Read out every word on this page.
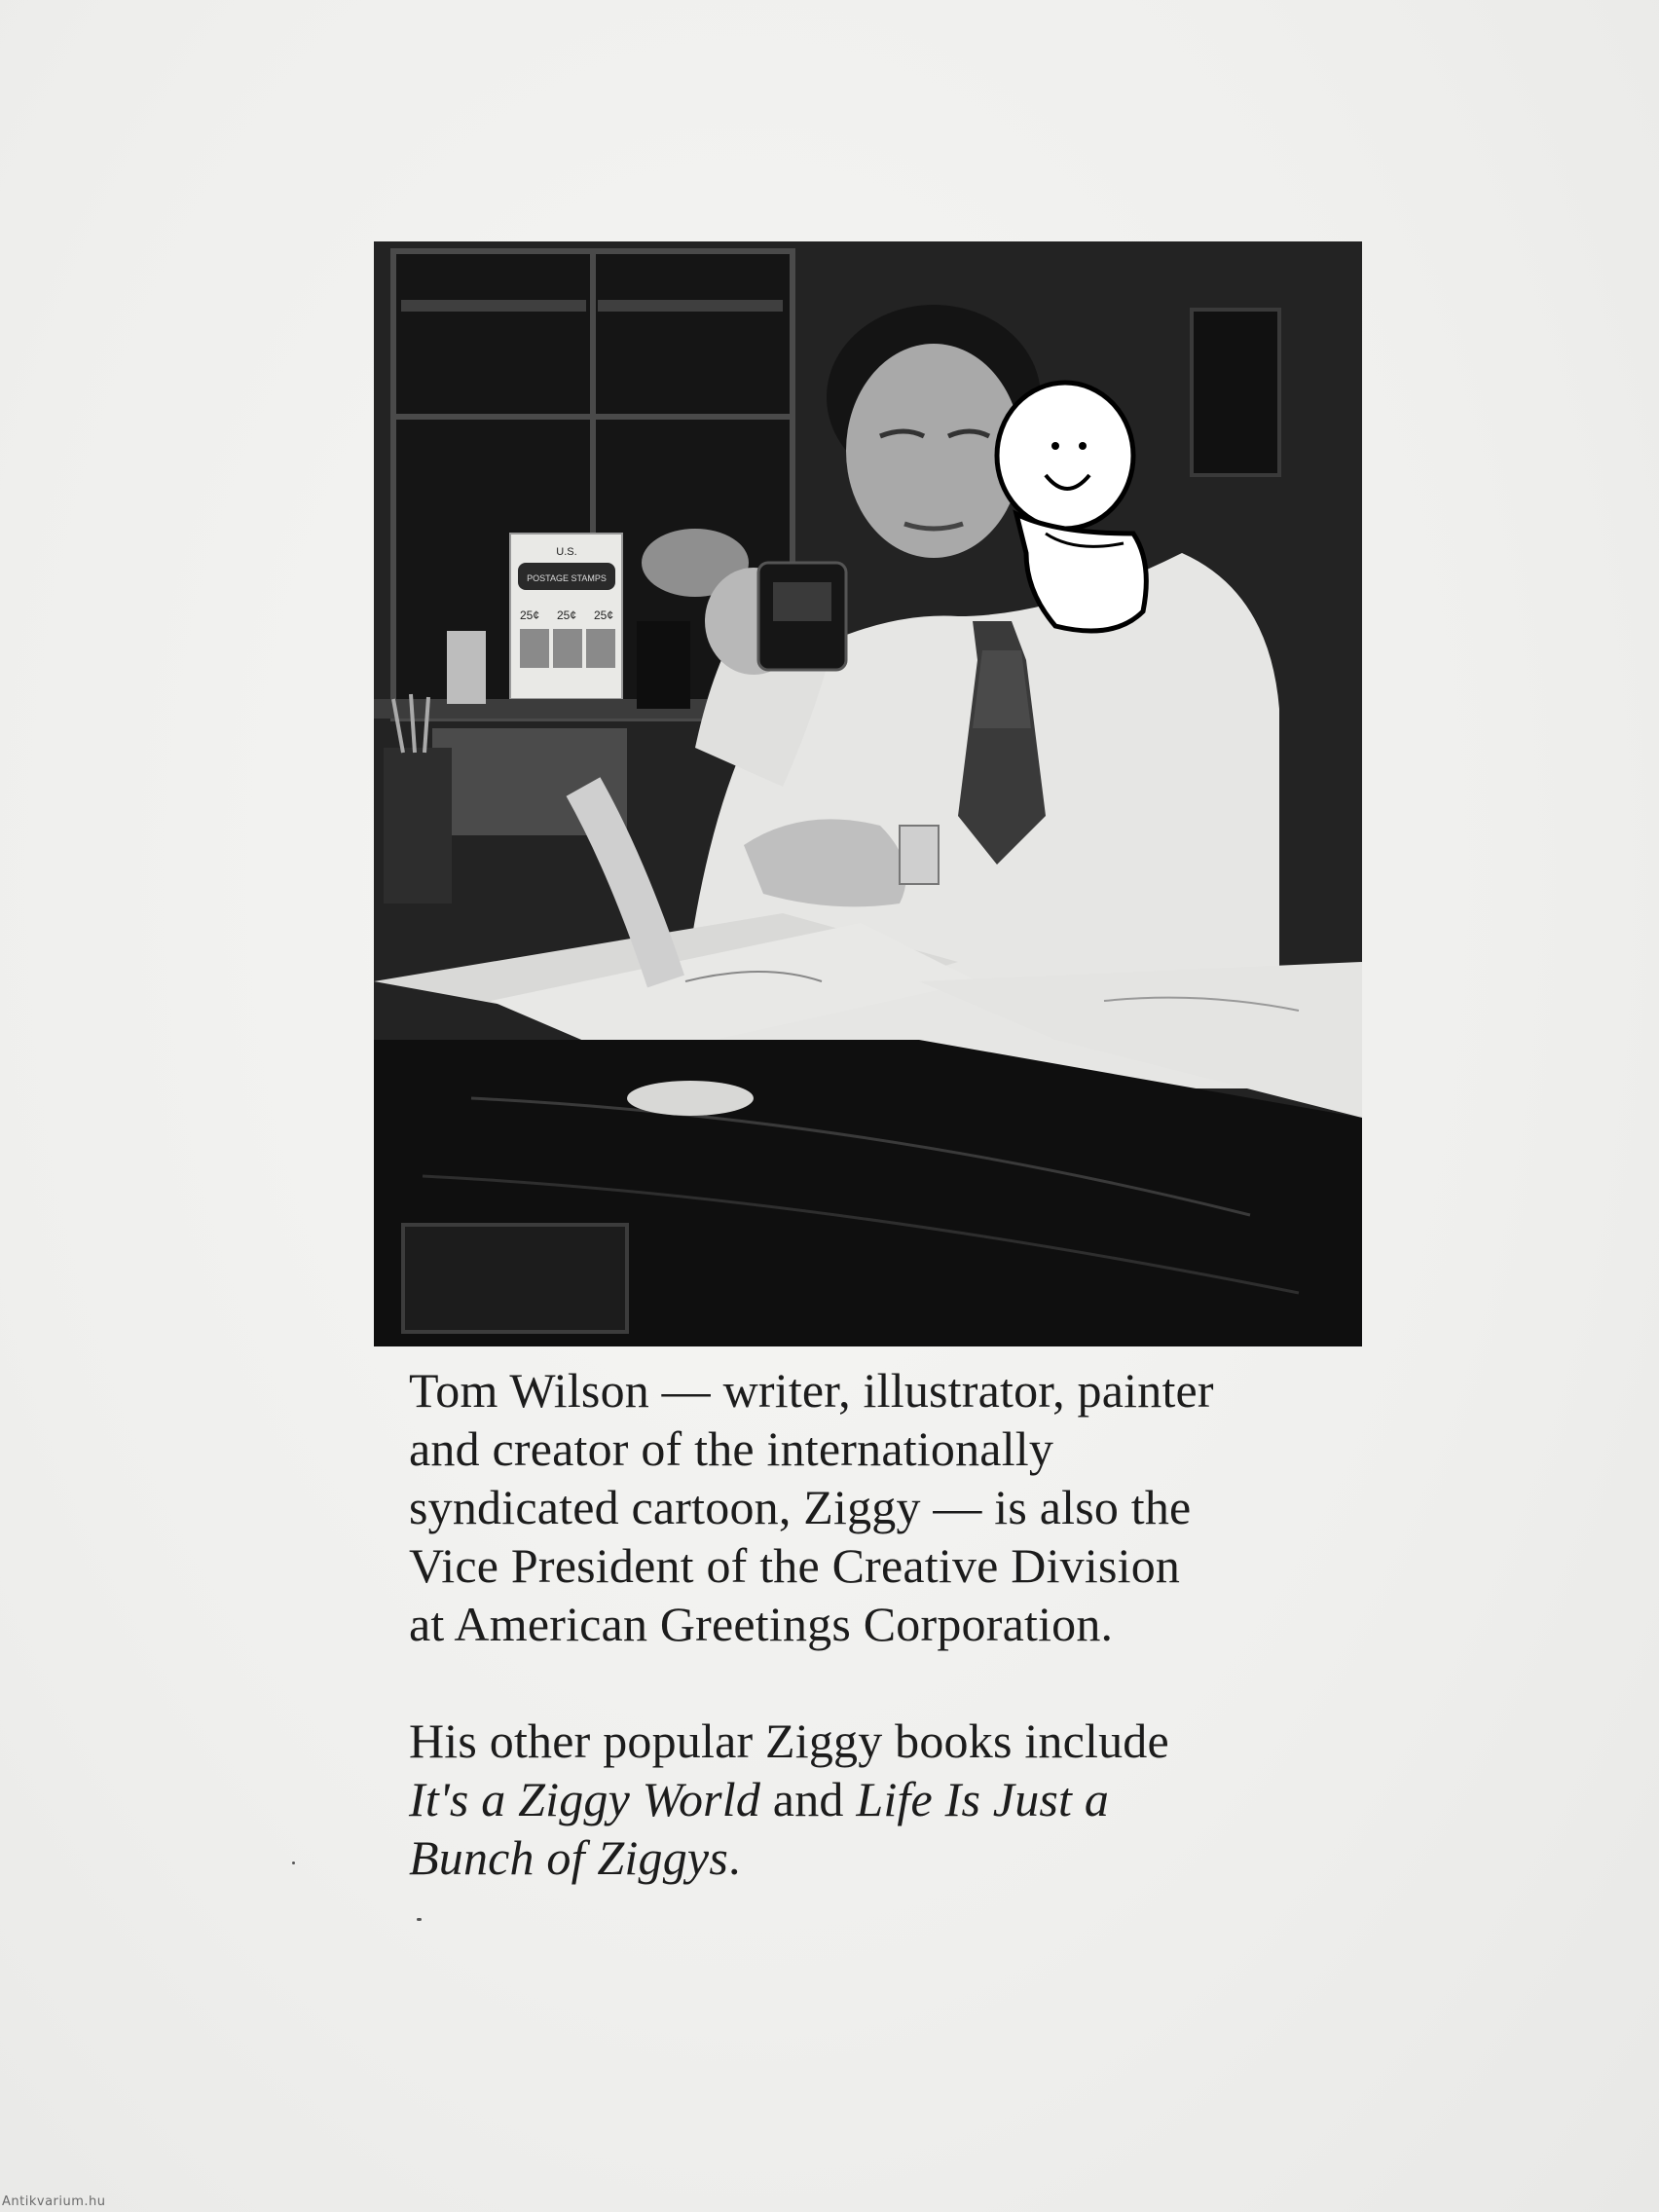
U.S.
POSTAGE STAMPS
25¢ 25¢ 25¢

Tom Wilson — writer, illustrator, painter
and creator of the internationally
syndicated cartoon, Ziggy — is also the
Vice President of the Creative Division
at American Greetings Corporation.

His other popular Ziggy books include
It's a Ziggy World and Life Is Just a
Bunch of Ziggys.

Antikvarium.hu
